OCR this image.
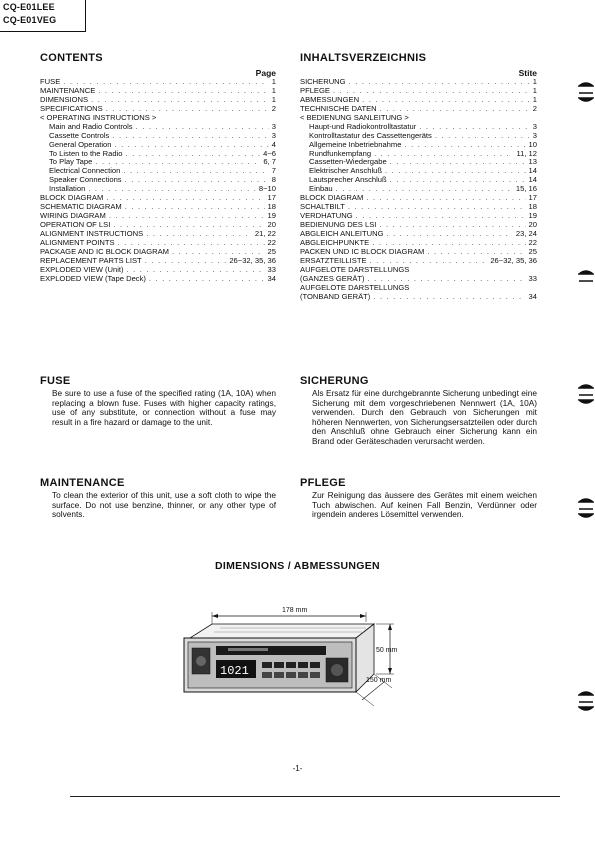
CQ-E01LEE
CQ-E01VEG
CONTENTS
Page
FUSE . . .	1
MAINTENANCE . . .	1
DIMENSIONS . . .	1
SPECIFICATIONS . . .	2
< OPERATING INSTRUCTIONS >
Main and Radio Controls . . .	3
Cassette Controls . . .	3
General Operation . . .	4
To Listen to the Radio . . .	4~6
To Play Tape . . .	6, 7
Electrical Connection . . .	7
Speaker Connections . . .	8
Installation . . .	8~10
BLOCK DIAGRAM . . .	17
SCHEMATIC DIAGRAM . . .	18
WIRING DIAGRAM . . .	19
OPERATION OF LSI . . .	20
ALIGNMENT INSTRUCTIONS . . .	21, 22
ALIGNMENT POINTS . . .	22
PACKAGE AND IC BLOCK DIAGRAM . . .	25
REPLACEMENT PARTS LIST . . .	26~32, 35, 36
EXPLODED VIEW (Unit) . . .	33
EXPLODED VIEW (Tape Deck) . . .	34
INHALTSVERZEICHNIS
Stite
SICHERUNG . . .	1
PFLEGE . . .	1
ABMESSUNGEN . . .	1
TECHNISCHE DATEN . . .	2
< BEDIENUNG SANLEITUNG >
Haupt-und Radiokontrolltastatur . . .	3
Kontrolltastatur des Cassettengeräts . . .	3
Allgemeine Inbetriebnahme . . .	10
Rundfunkempfang . . .	11, 12
Cassetten-Wiedergabe . . .	13
Elektrischer Anschluß . . .	14
Lautsprecher Anschluß . . .	14
Einbau . . .	15, 16
BLOCK DIAGRAM . . .	17
SCHALTBILT . . .	18
VERDHATUNG . . .	19
BEDIENUNG DES LSI . . .	20
ABGLEICH ANLEITUNG . . .	23, 24
ABGLEICHPUNKTE . . .	22
PACKEN UND IC BLOCK DIAGRAM . . .	25
ERSATZTEILLISTE . . .	26~32, 35, 36
AUFGELÖTE DARSTELLUNGS
(GANZES GERÄT) . . .	33
AUFGELÖTE DARSTELLUNGS
(TONBAND GERÄT) . . .	34
FUSE

Be sure to use a fuse of the specified rating (1A, 10A) when replacing a blown fuse. Fuses with higher capacity ratings, use of any substitute, or connection without a fuse may result in a fire hazard or damage to the unit.

SICHERUNG

Als Ersatz für eine durchgebrannte Sicherung unbedingt eine Sicherung mit dem vorgeschriebenen Nennwert (1A, 10A) verwenden. Durch den Gebrauch von Sicherungen mit höheren Nennwerten, von Sicherungsersatzteilen oder durch den Anschluß ohne Gebrauch einer Sicherung kann ein Brand oder Geräteschaden verursacht werden.

MAINTENANCE

To clean the exterior of this unit, use a soft cloth to wipe the surface. Do not use benzine, thinner, or any other type of solvents.

PFLEGE

Zur Reinigung das äussere des Gerätes mit einem weichen Tuch abwischen. Auf keinen Fall Benzin, Verdünner oder irgendein anderes Lösemittel verwenden.

DIMENSIONS / ABMESSUNGEN
1021
50 mm
150 mm
178 mm
-1-
